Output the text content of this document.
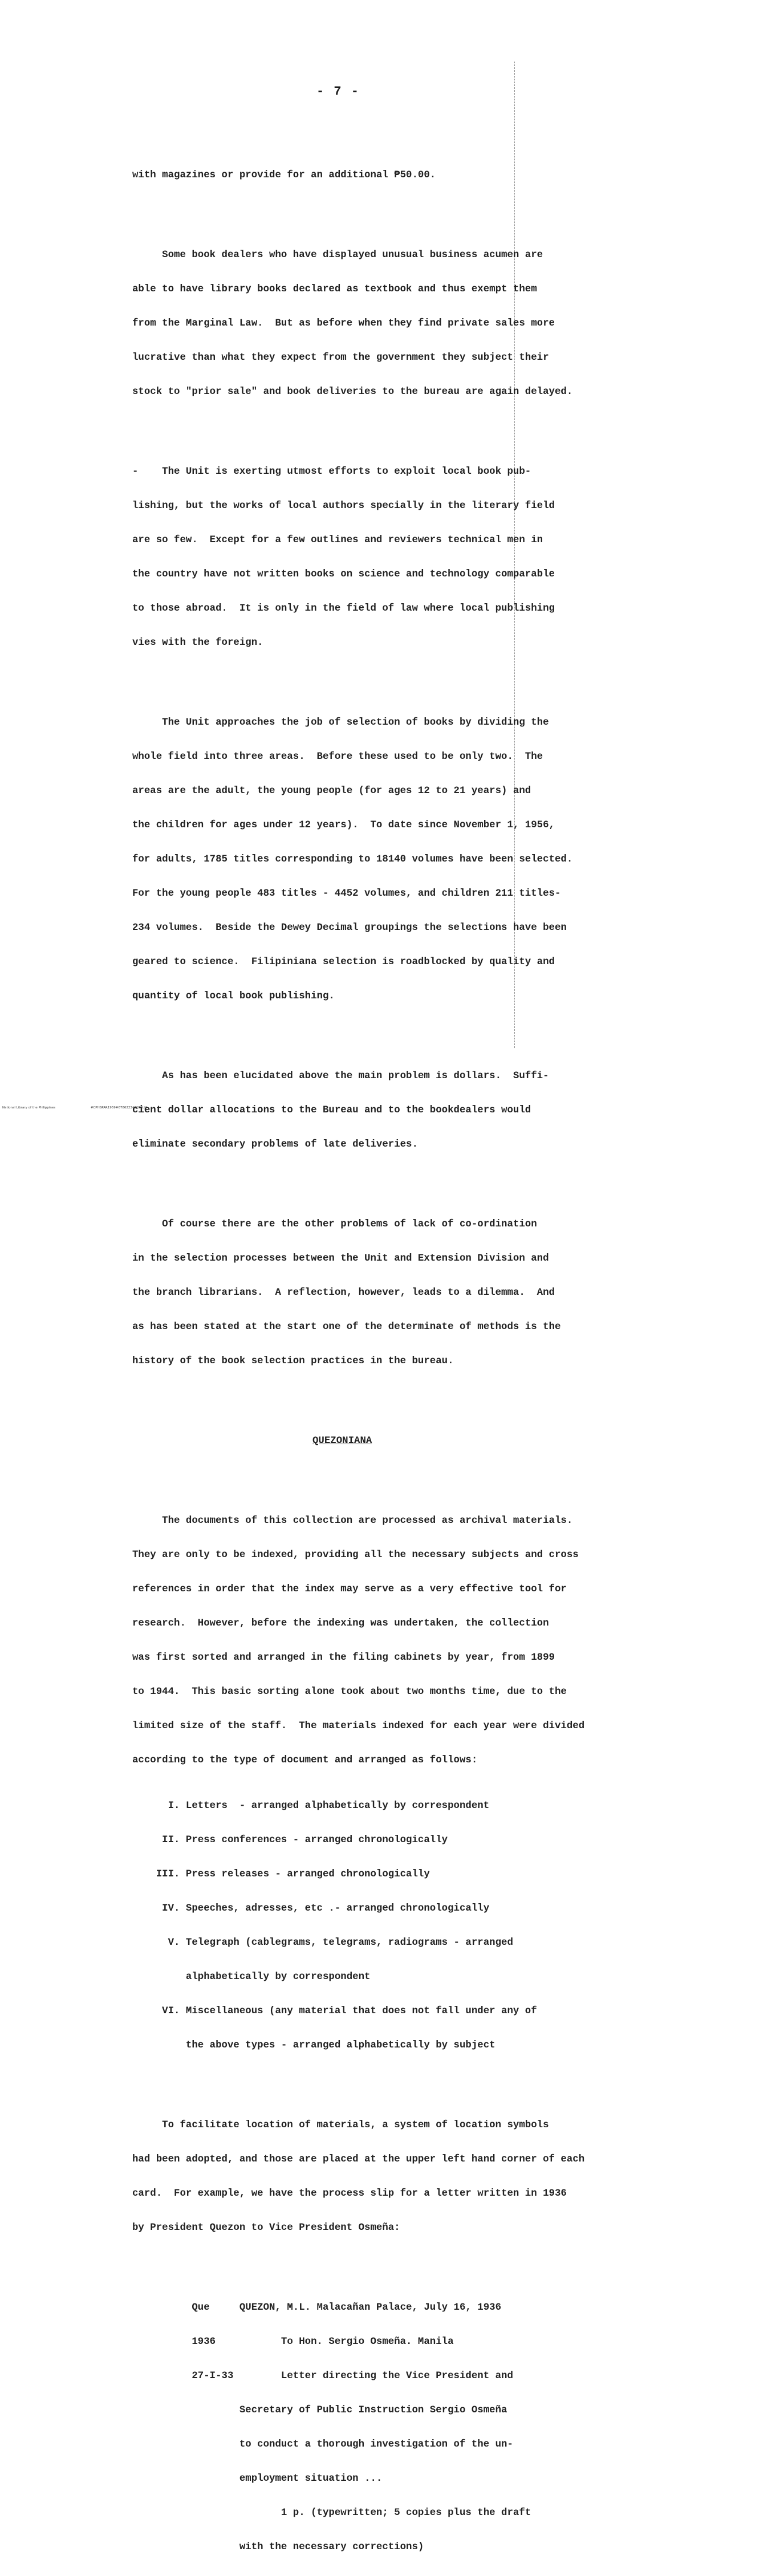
- 7 -

with magazines or provide for an additional ₱50.00.

Some book dealers who have displayed unusual business acumen are

able to have library books declared as textbook and thus exempt them

from the Marginal Law.  But as before when they find private sales more

lucrative than what they expect from the government they subject their

stock to "prior sale" and book deliveries to the bureau are again delayed.

-    The Unit is exerting utmost efforts to exploit local book pub-

lishing, but the works of local authors specially in the literary field

are so few.  Except for a few outlines and reviewers technical men in

the country have not written books on science and technology comparable

to those abroad.  It is only in the field of law where local publishing

vies with the foreign.

The Unit approaches the job of selection of books by dividing the

whole field into three areas.  Before these used to be only two.  The

areas are the adult, the young people (for ages 12 to 21 years) and

the children for ages under 12 years).  To date since November 1, 1956,

for adults, 1785 titles corresponding to 18140 volumes have been selected.

For the young people 483 titles - 4452 volumes, and children 211 titles-

234 volumes.  Beside the Dewey Decimal groupings the selections have been

geared to science.  Filipiniana selection is roadblocked by quality and

quantity of local book publishing.

As has been elucidated above the main problem is dollars.  Suffi-

cient dollar allocations to the Bureau and to the bookdealers would

eliminate secondary problems of late deliveries.

Of course there are the other problems of lack of co-ordination

in the selection processes between the Unit and Extension Division and

the branch librarians.  A reflection, however, leads to a dilemma.  And

as has been stated at the start one of the determinate of methods is the

history of the book selection practices in the bureau.

QUEZONIANA

The documents of this collection are processed as archival materials.

They are only to be indexed, providing all the necessary subjects and cross

references in order that the index may serve as a very effective tool for

research.  However, before the indexing was undertaken, the collection

was first sorted and arranged in the filing cabinets by year, from 1899

to 1944.  This basic sorting alone took about two months time, due to the

limited size of the staff.  The materials indexed for each year were divided

according to the type of document and arranged as follows:

I. Letters  - arranged alphabetically by correspondent

II. Press conferences - arranged chronologically

III. Press releases - arranged chronologically

IV. Speeches, adresses, etc .- arranged chronologically

V. Telegraph (cablegrams, telegrams, radiograms - arranged

alphabetically by correspondent

VI. Miscellaneous (any material that does not fall under any of

the above types - arranged alphabetically by subject

To facilitate location of materials, a system of location symbols

had been adopted, and those are placed at the upper left hand corner of each

card.  For example, we have the process slip for a letter written in 1936

by President Quezon to Vice President Osmeña:

Que     QUEZON, M.L. Malacañan Palace, July 16, 1936

1936           To Hon. Sergio Osmeña. Manila

27-I-33        Letter directing the Vice President and

Secretary of Public Instruction Sergio Osmeña

to conduct a thorough investigation of the un-

employment situation ...

1 p. (typewritten; 5 copies plus the draft

with the necessary corrections)

National Library of the Philippines	#CPHSPAR1959#0786223#0006.tif
